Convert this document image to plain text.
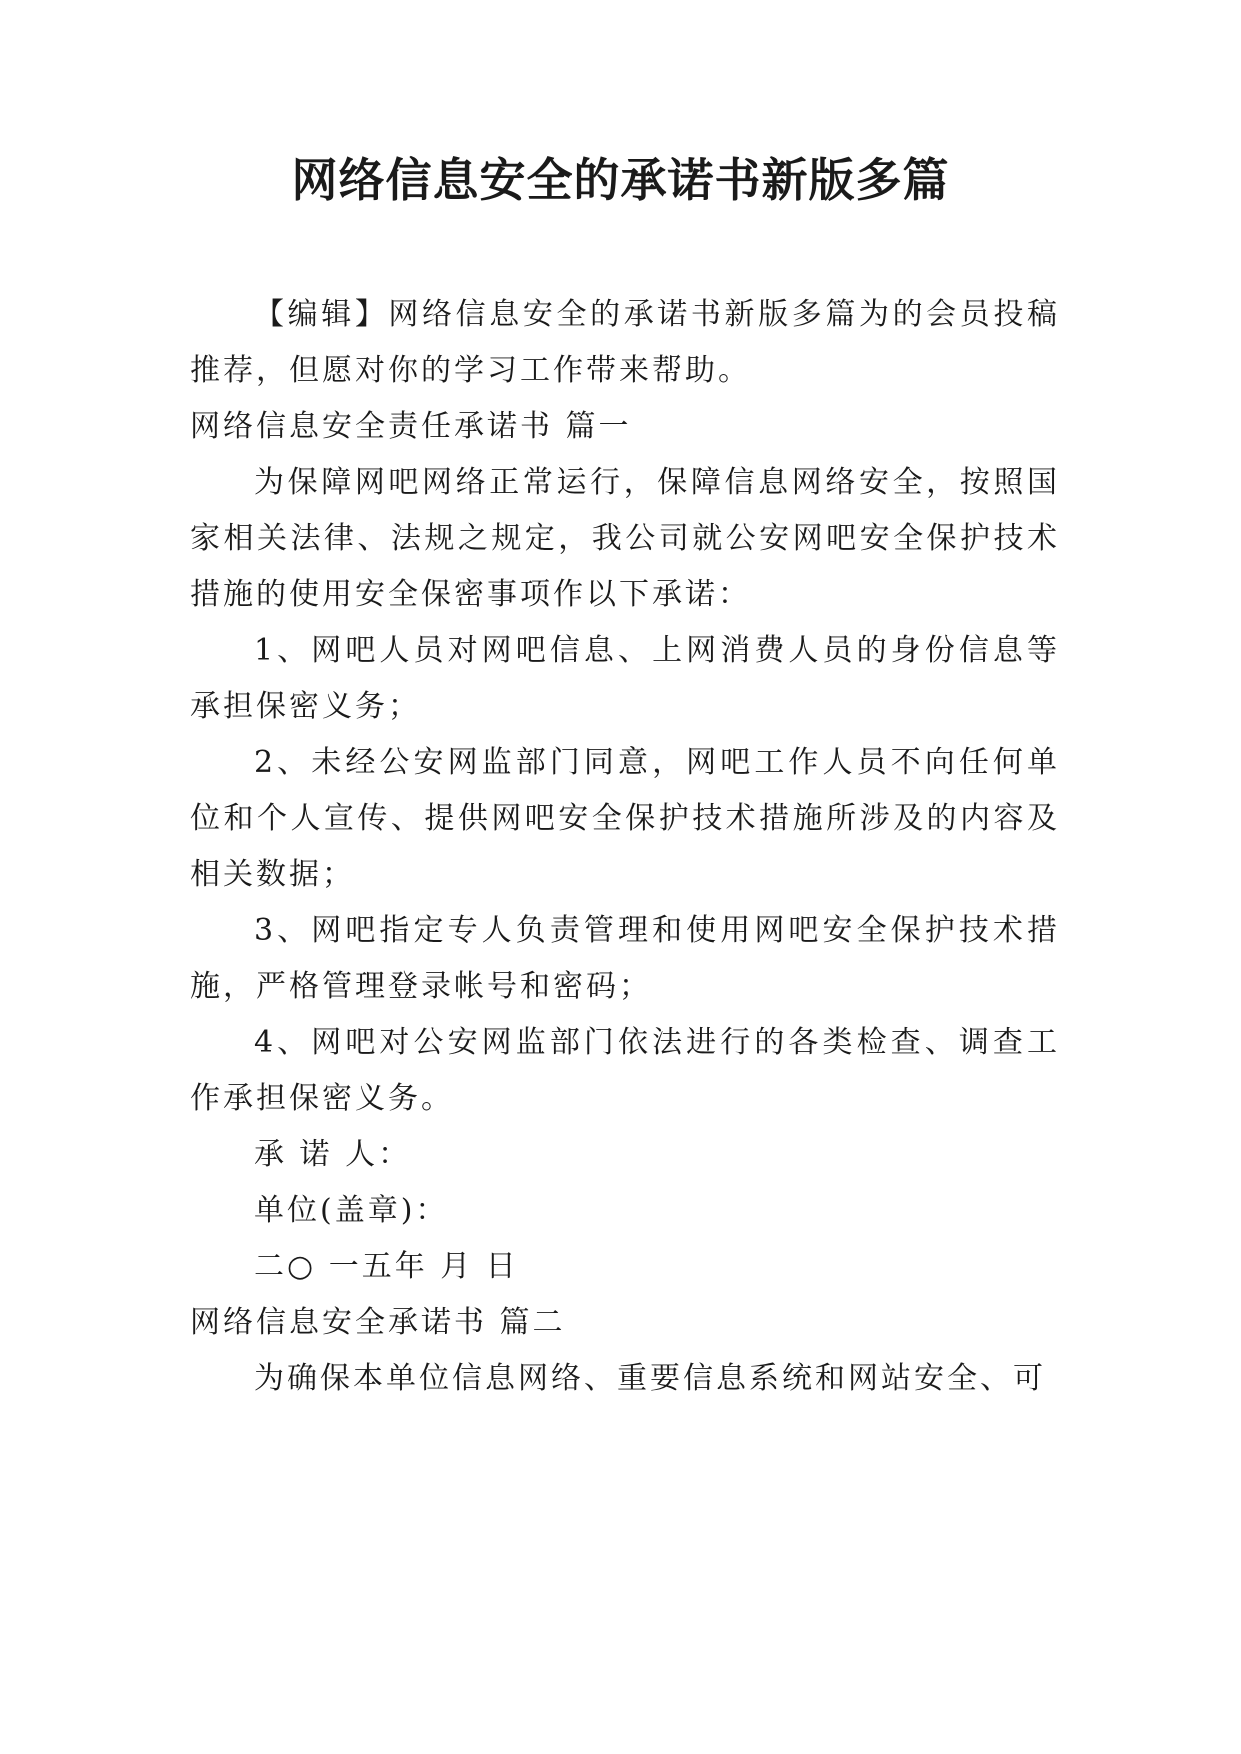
网络信息安全的承诺书新版多篇

【编辑】网络信息安全的承诺书新版多篇为的会员投稿推荐，但愿对你的学习工作带来帮助。

网络信息安全责任承诺书 篇一

为保障网吧网络正常运行，保障信息网络安全，按照国家相关法律、法规之规定，我公司就公安网吧安全保护技术措施的使用安全保密事项作以下承诺：

1、网吧人员对网吧信息、上网消费人员的身份信息等承担保密义务；

2、未经公安网监部门同意，网吧工作人员不向任何单位和个人宣传、提供网吧安全保护技术措施所涉及的内容及相关数据；

3、网吧指定专人负责管理和使用网吧安全保护技术措施，严格管理登录帐号和密码；

4、网吧对公安网监部门依法进行的各类检查、调查工作承担保密义务。

承 诺 人：

单位(盖章)：

二○ 一五年 月 日

网络信息安全承诺书 篇二

为确保本单位信息网络、重要信息系统和网站安全、可
